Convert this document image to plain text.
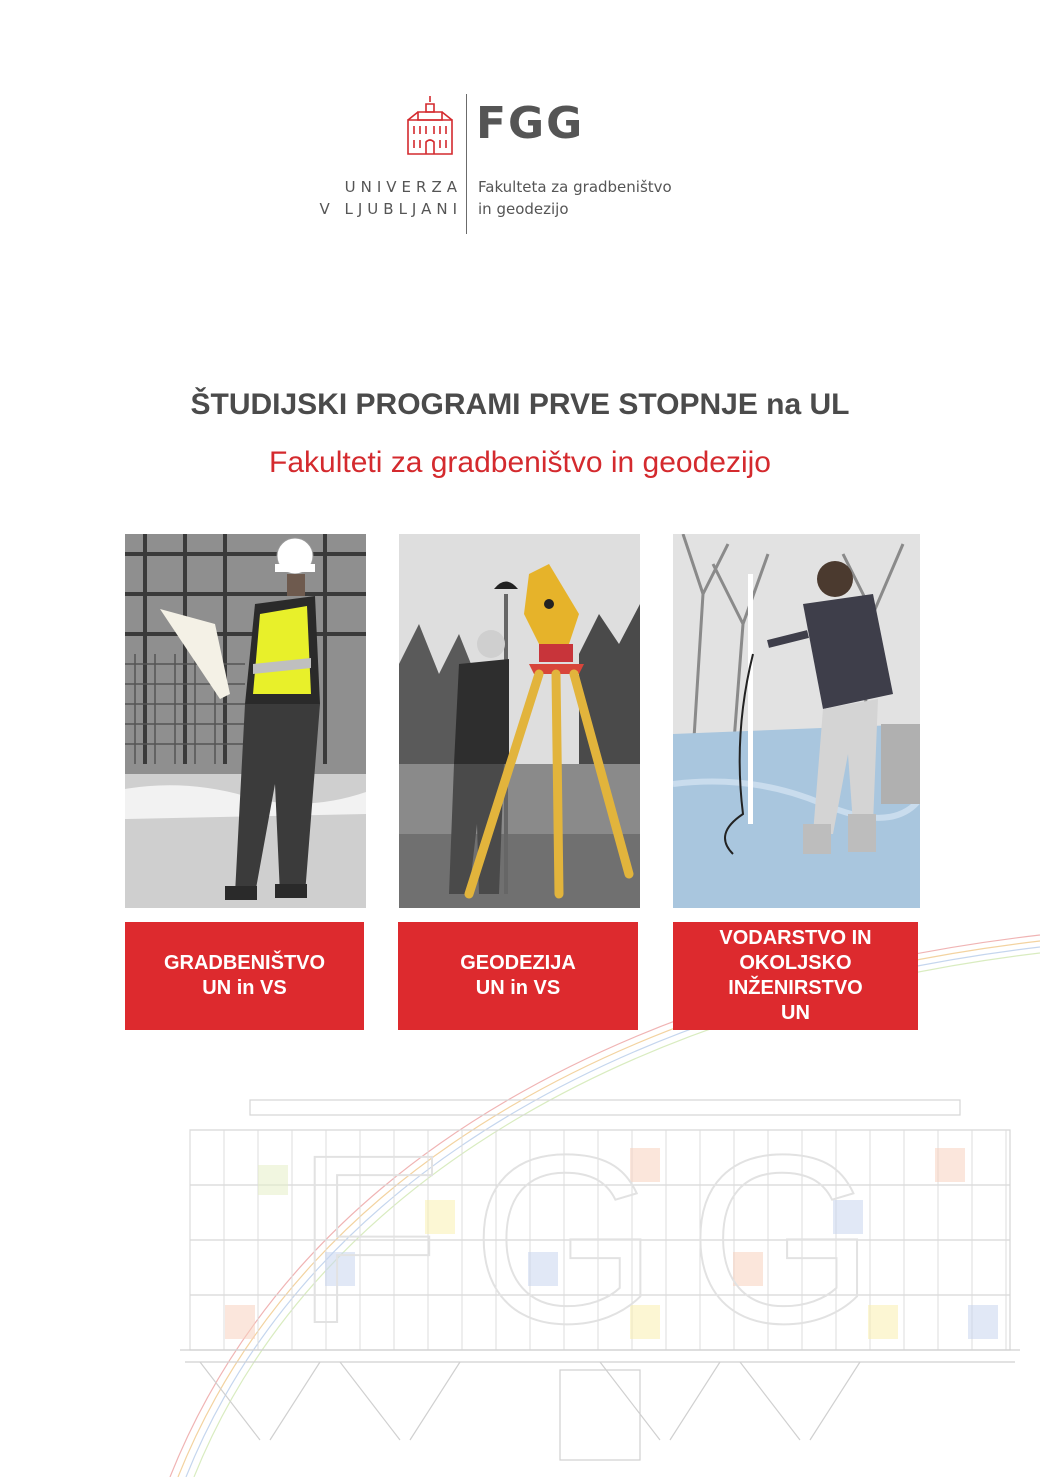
FGG
FGG
UNIVERZA
V LJUBLJANI
Fakulteta za gradbeništvo
in geodezijo
ŠTUDIJSKI PROGRAMI PRVE STOPNJE na UL
Fakulteti za gradbeništvo in geodezijo
GRADBENIŠTVO
UN in VS
GEODEZIJA
UN in VS
VODARSTVO IN
OKOLJSKO
INŽENIRSTVO
UN
